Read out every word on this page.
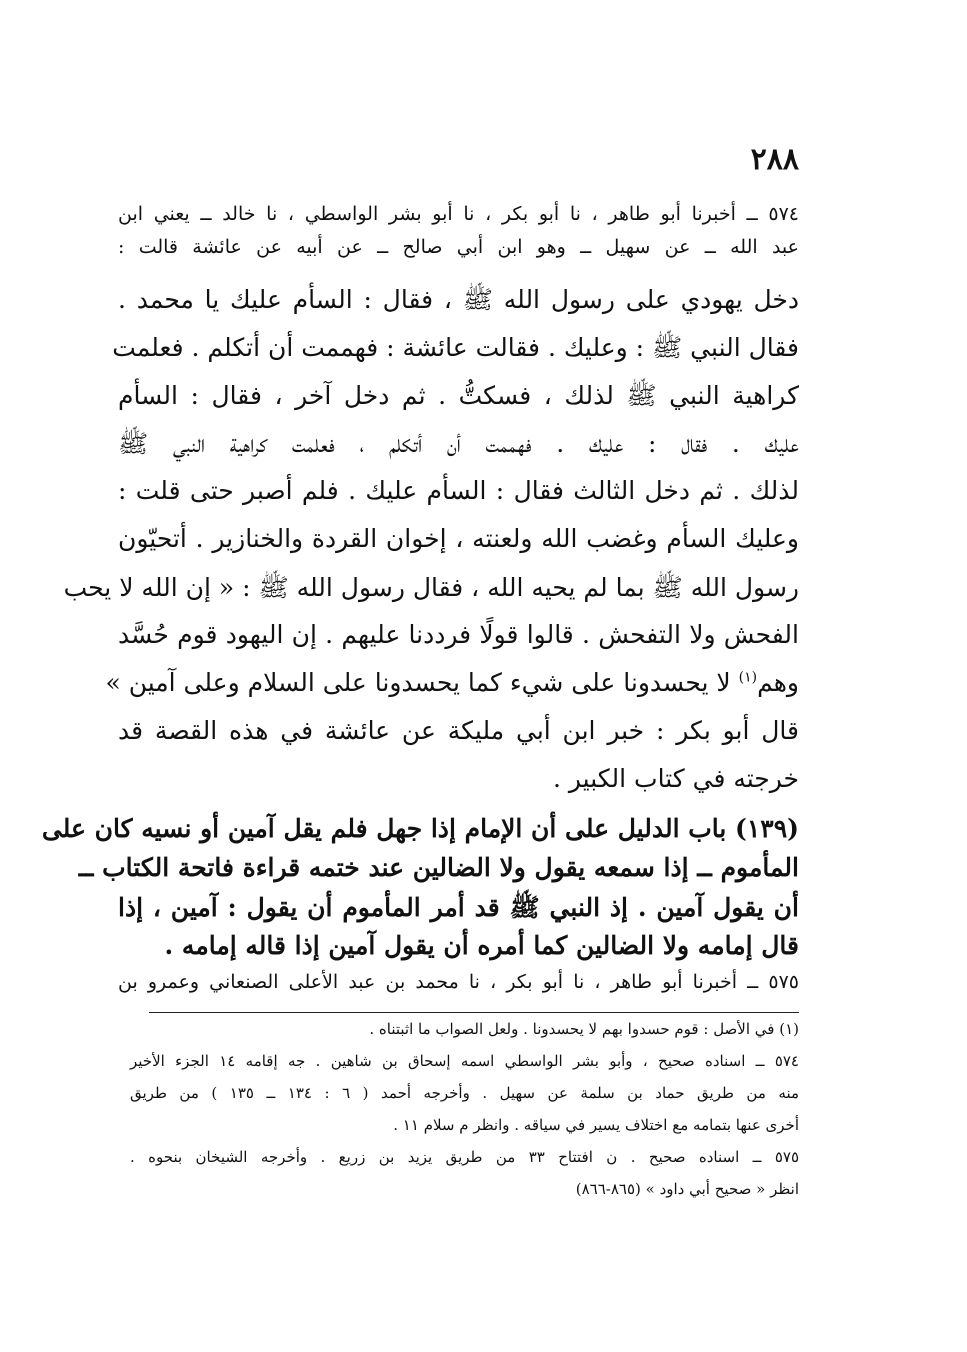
٢٨٨
٥٧٤ ــ أخبرنا أبو طاهر ، نا أبو بكر ، نا أبو بشر الواسطي ، نا خالد ــ يعني ابن
عبد الله ــ عن سهيل ــ وهو ابن أبي صالح ــ عن أبيه عن عائشة قالت :
دخل يهودي على رسول الله ﷺ ، فقال : السأم عليك يا محمد .
فقال النبي ﷺ : وعليك . فقالت عائشة : فهممت أن أتكلم . فعلمت
كراهية النبي ﷺ لذلك ، فسكتُّ . ثم دخل آخر ، فقال : السأم
عليك . فقال : عليك . فهممت أن أتكلم ، فعلمت كراهية النبي ﷺ
لذلك . ثم دخل الثالث فقال : السأم عليك . فلم أصبر حتى قلت :
وعليك السأم وغضب الله ولعنته ، إخوان القردة والخنازير . أتحيّون
رسول الله ﷺ بما لم يحيه الله ، فقال رسول الله ﷺ : « إن الله لا يحب
الفحش ولا التفحش . قالوا قولًا فرددنا عليهم . إن اليهود قوم حُسَّد
وهم$^{(١)}$ لا يحسدونا على شيء كما يحسدونا على السلام وعلى آمين »
قال أبو بكر : خبر ابن أبي مليكة عن عائشة في هذه القصة قد
خرجته في كتاب الكبير .
(١٣٩) باب الدليل على أن الإمام إذا جهل فلم يقل آمين أو نسيه كان على
المأموم ــ إذا سمعه يقول ولا الضالين عند ختمه قراءة فاتحة الكتاب ــ
أن يقول آمين . إذ النبي ﷺ قد أمر المأموم أن يقول : آمين ، إذا
قال إمامه ولا الضالين كما أمره أن يقول آمين إذا قاله إمامه .
٥٧٥ ــ أخبرنا أبو طاهر ، نا أبو بكر ، نا محمد بن عبد الأعلى الصنعاني وعمرو بن
(١) في الأصل : قوم حسدوا بهم لا يحسدونا . ولعل الصواب ما اثبتناه .
٥٧٤ ــ اسناده صحيح ، وأبو بشر الواسطي اسمه إسحاق بن شاهين . جه إقامه ١٤ الجزء الأخير
منه من طريق حماد بن سلمة عن سهيل . وأخرجه أحمد ( ٦ : ١٣٤ ــ ١٣٥ ) من طريق
أخرى عنها بتمامه مع اختلاف يسير في سياقه . وانظر م سلام ١١ .
٥٧٥ ــ اسناده صحيح . ن افتتاح ٣٣ من طريق يزيد بن زريع . وأخرجه الشيخان بنحوه .
انظر « صحيح أبي داود » (٨٦٥-٨٦٦)
